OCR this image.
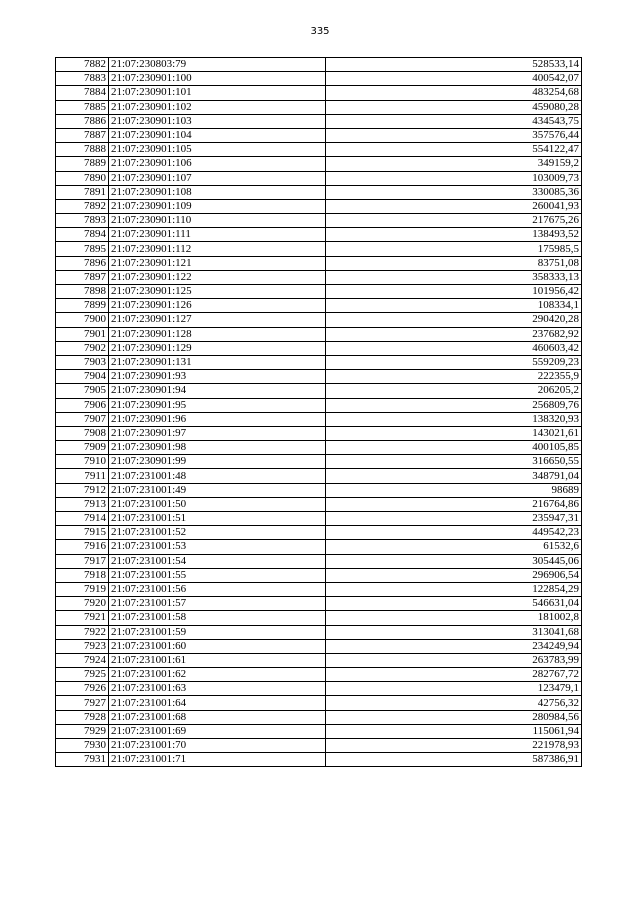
335
7882	21:07:230803:79	528533,14
7883	21:07:230901:100	400542,07
7884	21:07:230901:101	483254,68
7885	21:07:230901:102	459080,28
7886	21:07:230901:103	434543,75
7887	21:07:230901:104	357576,44
7888	21:07:230901:105	554122,47
7889	21:07:230901:106	349159,2
7890	21:07:230901:107	103009,73
7891	21:07:230901:108	330085,36
7892	21:07:230901:109	260041,93
7893	21:07:230901:110	217675,26
7894	21:07:230901:111	138493,52
7895	21:07:230901:112	175985,5
7896	21:07:230901:121	83751,08
7897	21:07:230901:122	358333,13
7898	21:07:230901:125	101956,42
7899	21:07:230901:126	108334,1
7900	21:07:230901:127	290420,28
7901	21:07:230901:128	237682,92
7902	21:07:230901:129	460603,42
7903	21:07:230901:131	559209,23
7904	21:07:230901:93	222355,9
7905	21:07:230901:94	206205,2
7906	21:07:230901:95	256809,76
7907	21:07:230901:96	138320,93
7908	21:07:230901:97	143021,61
7909	21:07:230901:98	400105,85
7910	21:07:230901:99	316650,55
7911	21:07:231001:48	348791,04
7912	21:07:231001:49	98689
7913	21:07:231001:50	216764,86
7914	21:07:231001:51	235947,31
7915	21:07:231001:52	449542,23
7916	21:07:231001:53	61532,6
7917	21:07:231001:54	305445,06
7918	21:07:231001:55	296906,54
7919	21:07:231001:56	122854,29
7920	21:07:231001:57	546631,04
7921	21:07:231001:58	181002,8
7922	21:07:231001:59	313041,68
7923	21:07:231001:60	234249,94
7924	21:07:231001:61	263783,99
7925	21:07:231001:62	282767,72
7926	21:07:231001:63	123479,1
7927	21:07:231001:64	42756,32
7928	21:07:231001:68	280984,56
7929	21:07:231001:69	115061,94
7930	21:07:231001:70	221978,93
7931	21:07:231001:71	587386,91
